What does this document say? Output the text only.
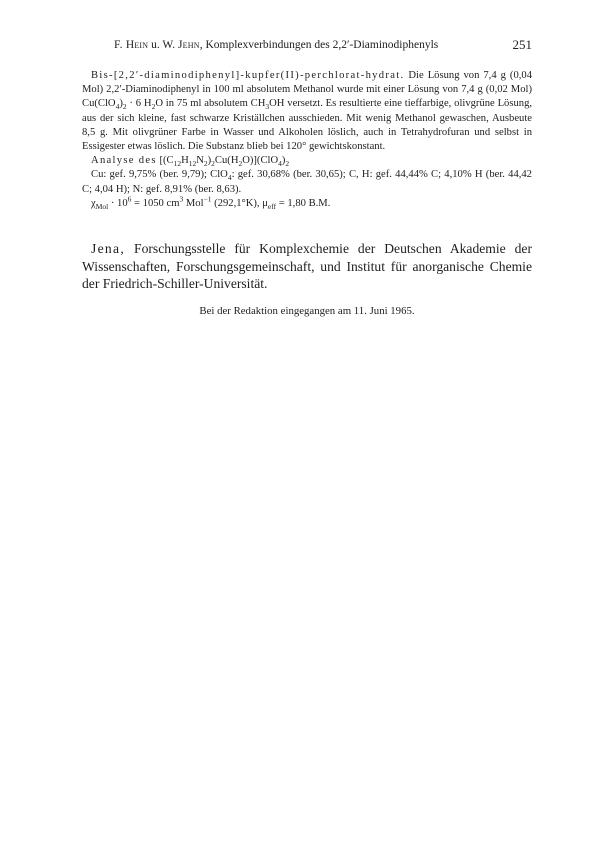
F. Hein u. W. Jehn, Komplexverbindungen des 2,2′-Diaminodiphenyls	251

Bis-[2,2′-diaminodiphenyl]-kupfer(II)-perchlorat-hydrat. Die Lösung von 7,4 g (0,04 Mol) 2,2′-Diaminodiphenyl in 100 ml absolutem Methanol wurde mit einer Lösung von 7,4 g (0,02 Mol) $Cu(ClO_4)_2 \cdot 6$ $H_2O$ in 75 ml absolutem $CH_3OH$ versetzt. Es resultierte eine tieffarbige, olivgrüne Lösung, aus der sich kleine, fast schwarze Kriställchen ausschieden. Mit wenig Methanol gewaschen, Ausbeute 8,5 g. Mit olivgrüner Farbe in Wasser und Alkoholen löslich, auch in Tetrahydrofuran und selbst in Essigester etwas löslich. Die Substanz blieb bei 120° gewichtskonstant.

Analyse des $[(C_{12}H_{12}N_2)_2Cu(H_2O)](ClO_4)_2$

Cu: gef. 9,75% (ber. 9,79); ClO$_4$: gef. 30,68% (ber. 30,65); C, H: gef. 44,44% C; 4,10% H (ber. 44,42 C; 4,04 H); N: gef. 8,91% (ber. 8,63).

$\chi_{Mol} \cdot 10^6 = 1050$ $cm^3$ Mol$^{-1}$ (292,1°K), $\mu_{eff} = 1,80$ B.M.

Jena, Forschungsstelle für Komplexchemie der Deutschen Akademie der Wissenschaften, Forschungsgemeinschaft, und Institut für anorganische Chemie der Friedrich-Schiller-Universität.

Bei der Redaktion eingegangen am 11. Juni 1965.
